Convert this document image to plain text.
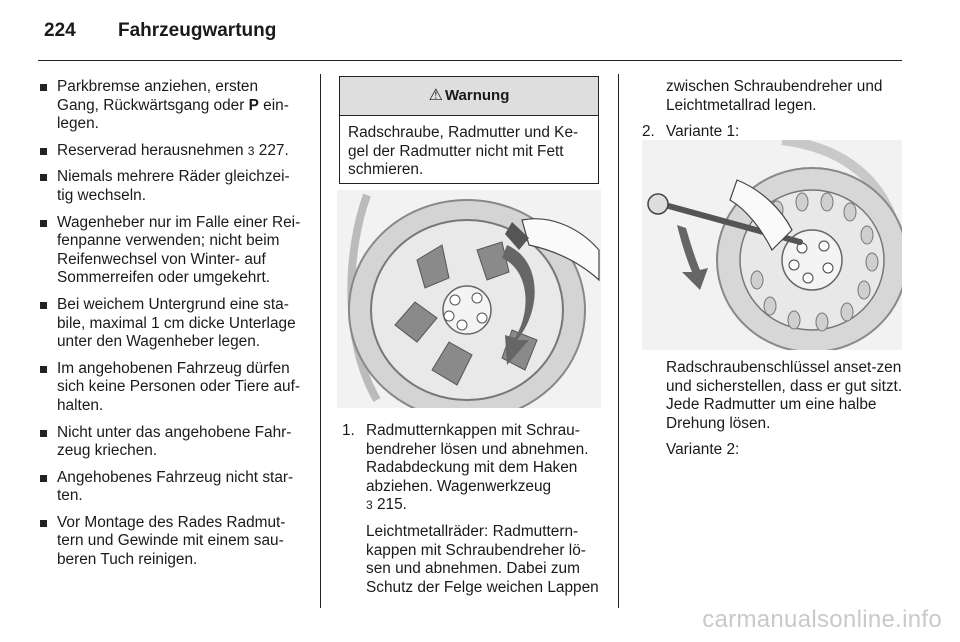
224 Fahrzeugwartung
Parkbremse anziehen, ersten Gang, Rückwärtsgang oder P ein-legen.
Reserverad herausnehmen 3 227.
Niemals mehrere Räder gleichzei-tig wechseln.
Wagenheber nur im Falle einer Rei-fenpanne verwenden; nicht beim Reifenwechsel von Winter- auf Sommerreifen oder umgekehrt.
Bei weichem Untergrund eine sta-bile, maximal 1 cm dicke Unterlage unter den Wagenheber legen.
Im angehobenen Fahrzeug dürfen sich keine Personen oder Tiere auf-halten.
Nicht unter das angehobene Fahr-zeug kriechen.
Angehobenes Fahrzeug nicht star-ten.
Vor Montage des Rades Radmut-tern und Gewinde mit einem sau-beren Tuch reinigen.
⚠ Warnung
Radschraube, Radmutter und Ke-gel der Radmutter nicht mit Fett schmieren.
1. Radmutternkappen mit Schrau-bendreher lösen und abnehmen. Radabdeckung mit dem Haken abziehen. Wagenwerkzeug
3 215.
Leichtmetallräder: Radmuttern-kappen mit Schraubendreher lö-sen und abnehmen. Dabei zum Schutz der Felge weichen Lappen
zwischen Schraubendreher und Leichtmetallrad legen.
2. Variante 1:
Radschraubenschlüssel anset-zen und sicherstellen, dass er gut sitzt. Jede Radmutter um eine halbe Drehung lösen.
Variante 2:
carmanualsonline.info
